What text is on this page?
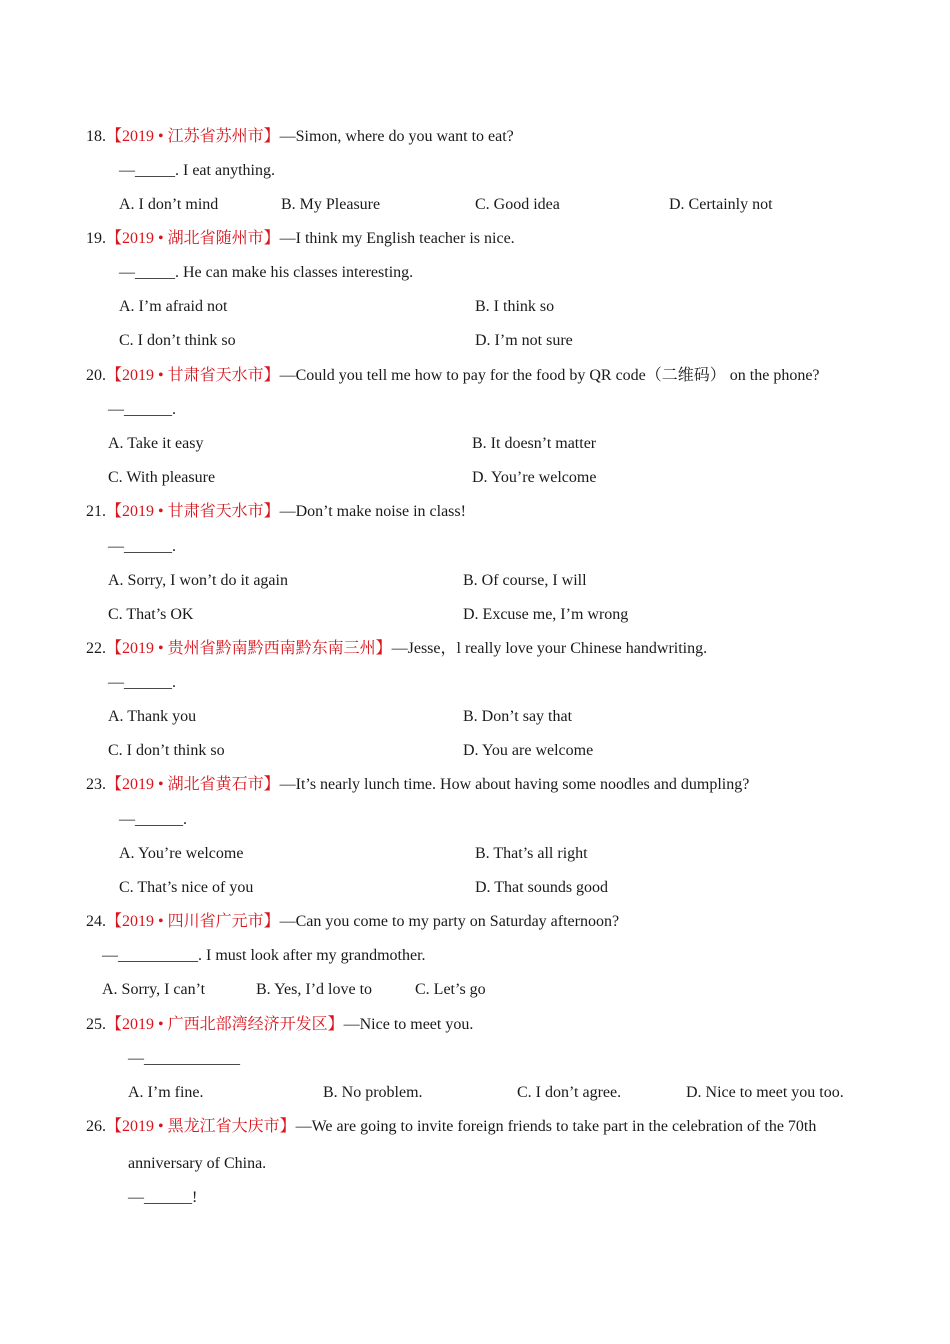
18.【2019 • 江苏省苏州市】—Simon, where do you want to eat?
—_____. I eat anything.
A. I don’t mind	B. My Pleasure	C. Good idea	D. Certainly not
19.【2019 • 湖北省随州市】—I think my English teacher is nice.
—_____. He can make his classes interesting.
A. I’m afraid not	B. I think so
C. I don’t think so	D. I’m not sure
20.【2019 • 甘肃省天水市】—Could you tell me how to pay for the food by QR code（二维码） on the phone?
—______.
A. Take it easy	B. It doesn’t matter
C. With pleasure	D. You’re welcome
21.【2019 • 甘肃省天水市】—Don’t make noise in class!
—______.
A. Sorry, I won’t do it again	B. Of course, I will
C. That’s OK	D. Excuse me, I’m wrong
22.【2019 • 贵州省黔南黔西南黔东南三州】—Jesse，l really love your Chinese handwriting.
—______.
A. Thank you	B. Don’t say that
C. I don’t think so	D. You are welcome
23.【2019 • 湖北省黄石市】—It’s nearly lunch time. How about having some noodles and dumpling?
—______.
A. You’re welcome	B. That’s all right
C. That’s nice of you	D. That sounds good
24.【2019 • 四川省广元市】—Can you come to my party on Saturday afternoon?
—__________. I must look after my grandmother.
A. Sorry, I can’t	B. Yes, I’d love to	C. Let’s go
25.【2019 • 广西北部湾经济开发区】—Nice to meet you.
—____________
A. I’m fine.	B. No problem.	C. I don’t agree.	D. Nice to meet you too.
26.【2019 • 黑龙江省大庆市】—We are going to invite foreign friends to take part in the celebration of the 70th
anniversary of China.
—______!
